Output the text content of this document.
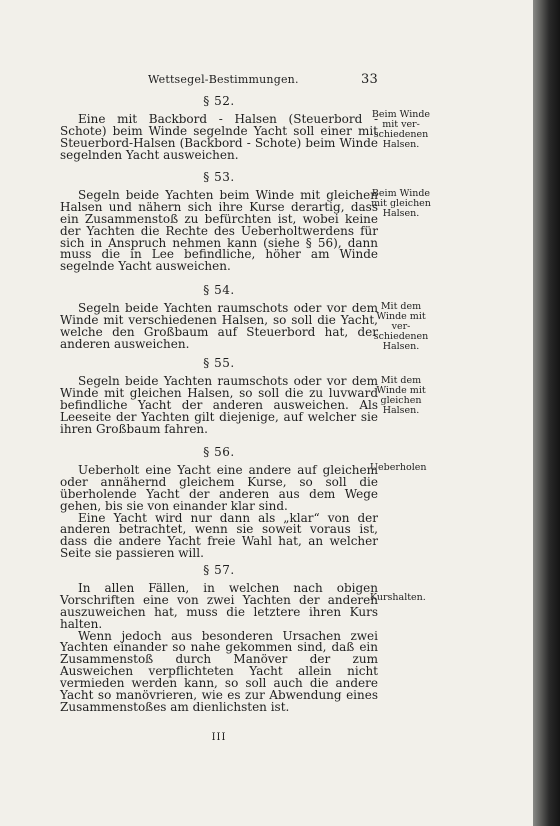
Wettsegel-Bestimmungen.	33
§ 52.

Eine mit Backbord - Halsen (Steuerbord - Schote) beim Winde segelnde Yacht soll einer mit Steuerbord-Halsen (Backbord - Schote) beim Winde segelnden Yacht ausweichen.

Beim Winde mit ver-schiedenen Halsen.
§ 53.

Segeln beide Yachten beim Winde mit gleichen Halsen und nähern sich ihre Kurse derartig, dass ein Zusammenstoß zu befürchten ist, wobei keine der Yachten die Rechte des Ueberholtwerdens für sich in Anspruch nehmen kann (siehe § 56), dann muss die in Lee befindliche, höher am Winde segelnde Yacht ausweichen.

Beim Winde mit gleichen Halsen.
§ 54.

Segeln beide Yachten raumschots oder vor dem Winde mit verschiedenen Halsen, so soll die Yacht, welche den Großbaum auf Steuerbord hat, der anderen ausweichen.

Mit dem Winde mit ver-schiedenen Halsen.
§ 55.

Segeln beide Yachten raumschots oder vor dem Winde mit gleichen Halsen, so soll die zu luvward befindliche Yacht der anderen ausweichen. Als Leeseite der Yachten gilt diejenige, auf welcher sie ihren Großbaum fahren.

Mit dem Winde mit gleichen Halsen.
§ 56.

Ueberholt eine Yacht eine andere auf gleichem oder annähernd gleichem Kurse, so soll die überholende Yacht der anderen aus dem Wege gehen, bis sie von einander klar sind.

Eine Yacht wird nur dann als „klar“ von der anderen betrachtet, wenn sie soweit voraus ist, dass die andere Yacht freie Wahl hat, an welcher Seite sie passieren will.

Ueberholen
§ 57.

In allen Fällen, in welchen nach obigen Vorschriften eine von zwei Yachten der anderen auszuweichen hat, muss die letztere ihren Kurs halten.

Wenn jedoch aus besonderen Ursachen zwei Yachten einander so nahe gekommen sind, daß ein Zusammenstoß durch Manöver der zum Ausweichen verpflichteten Yacht allein nicht vermieden werden kann, so soll auch die andere Yacht so manövrieren, wie es zur Abwendung eines Zusammenstoßes am dienlichsten ist.

Kurshalten.
III
